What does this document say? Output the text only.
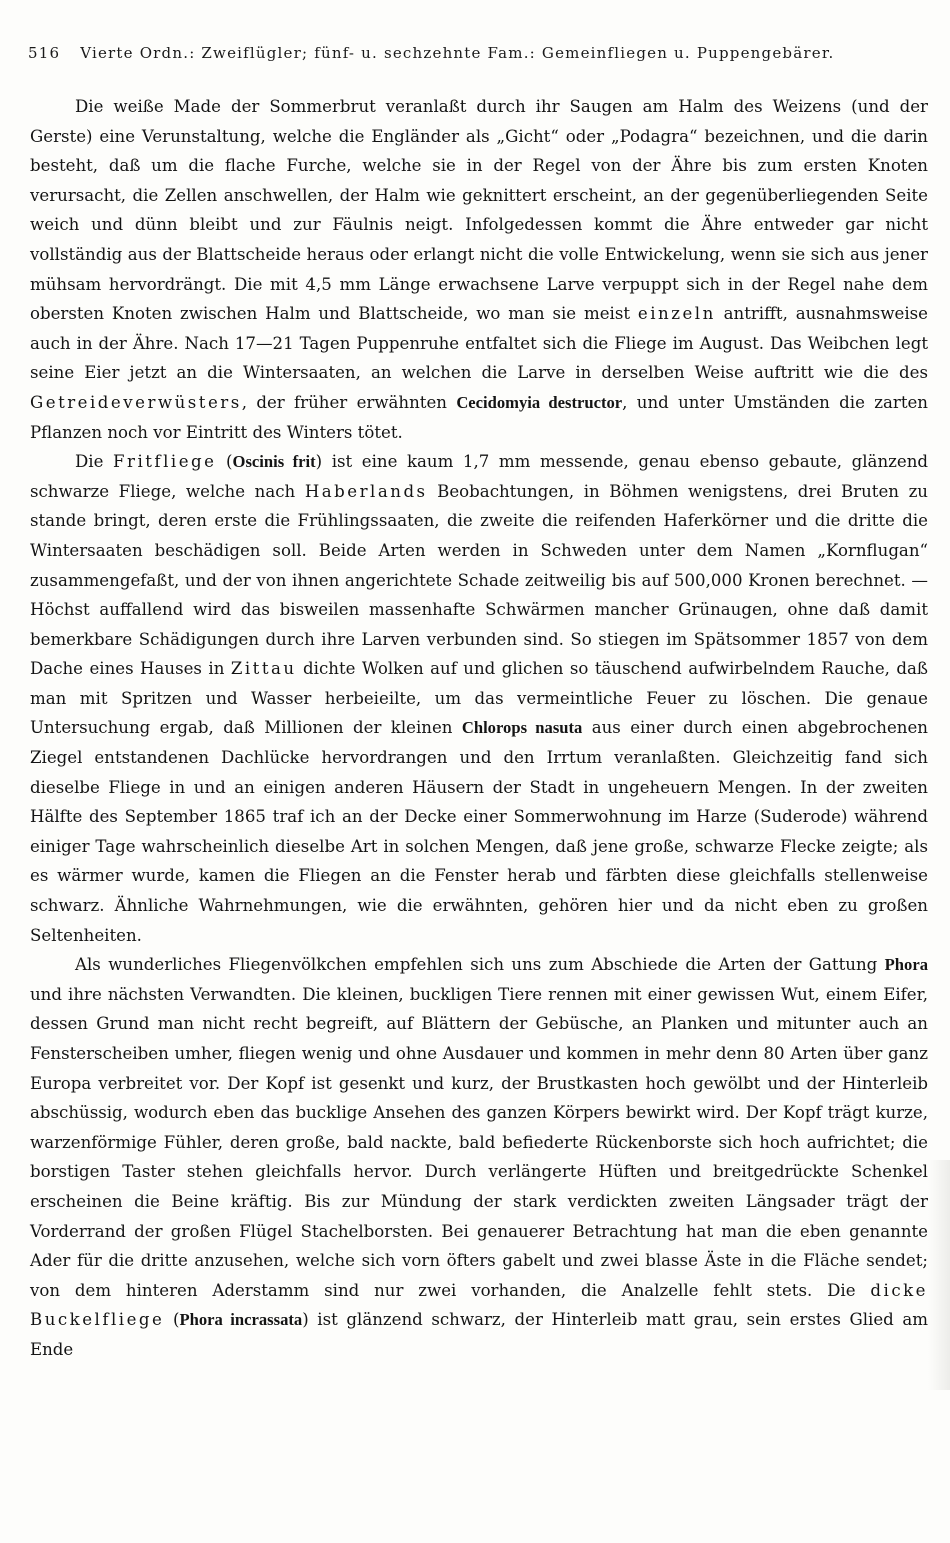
516 Vierte Ordn.: Zweiflügler; fünf- u. sechzehnte Fam.: Gemeinfliegen u. Puppengebärer.

Die weiße Made der Sommerbrut veranlaßt durch ihr Saugen am Halm des Weizens (und der Gerste) eine Verunstaltung, welche die Engländer als „Gicht“ oder „Podagra“ bezeichnen, und die darin besteht, daß um die flache Furche, welche sie in der Regel von der Ähre bis zum ersten Knoten verursacht, die Zellen anschwellen, der Halm wie geknittert erscheint, an der gegenüberliegenden Seite weich und dünn bleibt und zur Fäulnis neigt. Infolgedessen kommt die Ähre entweder gar nicht vollständig aus der Blattscheide heraus oder erlangt nicht die volle Entwickelung, wenn sie sich aus jener mühsam hervordrängt. Die mit 4,5 mm Länge erwachsene Larve verpuppt sich in der Regel nahe dem obersten Knoten zwischen Halm und Blattscheide, wo man sie meist einzeln antrifft, ausnahmsweise auch in der Ähre. Nach 17—21 Tagen Puppenruhe entfaltet sich die Fliege im August. Das Weibchen legt seine Eier jetzt an die Wintersaaten, an welchen die Larve in derselben Weise auftritt wie die des Getreideverwüsters, der früher erwähnten Cecidomyia destructor, und unter Umständen die zarten Pflanzen noch vor Eintritt des Winters tötet.

Die Fritfliege (Oscinis frit) ist eine kaum 1,7 mm messende, genau ebenso gebaute, glänzend schwarze Fliege, welche nach Haberlands Beobachtungen, in Böhmen wenigstens, drei Bruten zu stande bringt, deren erste die Frühlingssaaten, die zweite die reifenden Haferkörner und die dritte die Wintersaaten beschädigen soll. Beide Arten werden in Schweden unter dem Namen „Kornflugan“ zusammengefaßt, und der von ihnen angerichtete Schade zeitweilig bis auf 500,000 Kronen berechnet. — Höchst auffallend wird das bisweilen massenhafte Schwärmen mancher Grünaugen, ohne daß damit bemerkbare Schädigungen durch ihre Larven verbunden sind. So stiegen im Spätsommer 1857 von dem Dache eines Hauses in Zittau dichte Wolken auf und glichen so täuschend aufwirbelndem Rauche, daß man mit Spritzen und Wasser herbeieilte, um das vermeintliche Feuer zu löschen. Die genaue Untersuchung ergab, daß Millionen der kleinen Chlorops nasuta aus einer durch einen abgebrochenen Ziegel entstandenen Dachlücke hervordrangen und den Irrtum veranlaßten. Gleichzeitig fand sich dieselbe Fliege in und an einigen anderen Häusern der Stadt in ungeheuern Mengen. In der zweiten Hälfte des September 1865 traf ich an der Decke einer Sommerwohnung im Harze (Suderode) während einiger Tage wahrscheinlich dieselbe Art in solchen Mengen, daß jene große, schwarze Flecke zeigte; als es wärmer wurde, kamen die Fliegen an die Fenster herab und färbten diese gleichfalls stellenweise schwarz. Ähnliche Wahrnehmungen, wie die erwähnten, gehören hier und da nicht eben zu großen Seltenheiten.

Als wunderliches Fliegenvölkchen empfehlen sich uns zum Abschiede die Arten der Gattung Phora und ihre nächsten Verwandten. Die kleinen, buckligen Tiere rennen mit einer gewissen Wut, einem Eifer, dessen Grund man nicht recht begreift, auf Blättern der Gebüsche, an Planken und mitunter auch an Fensterscheiben umher, fliegen wenig und ohne Ausdauer und kommen in mehr denn 80 Arten über ganz Europa verbreitet vor. Der Kopf ist gesenkt und kurz, der Brustkasten hoch gewölbt und der Hinterleib abschüssig, wodurch eben das bucklige Ansehen des ganzen Körpers bewirkt wird. Der Kopf trägt kurze, warzenförmige Fühler, deren große, bald nackte, bald befiederte Rückenborste sich hoch aufrichtet; die borstigen Taster stehen gleichfalls hervor. Durch verlängerte Hüften und breitgedrückte Schenkel erscheinen die Beine kräftig. Bis zur Mündung der stark verdickten zweiten Längsader trägt der Vorderrand der großen Flügel Stachelborsten. Bei genauerer Betrachtung hat man die eben genannte Ader für die dritte anzusehen, welche sich vorn öfters gabelt und zwei blasse Äste in die Fläche sendet; von dem hinteren Aderstamm sind nur zwei vorhanden, die Analzelle fehlt stets. Die dicke Buckelfliege (Phora incrassata) ist glänzend schwarz, der Hinterleib matt grau, sein erstes Glied am Ende
